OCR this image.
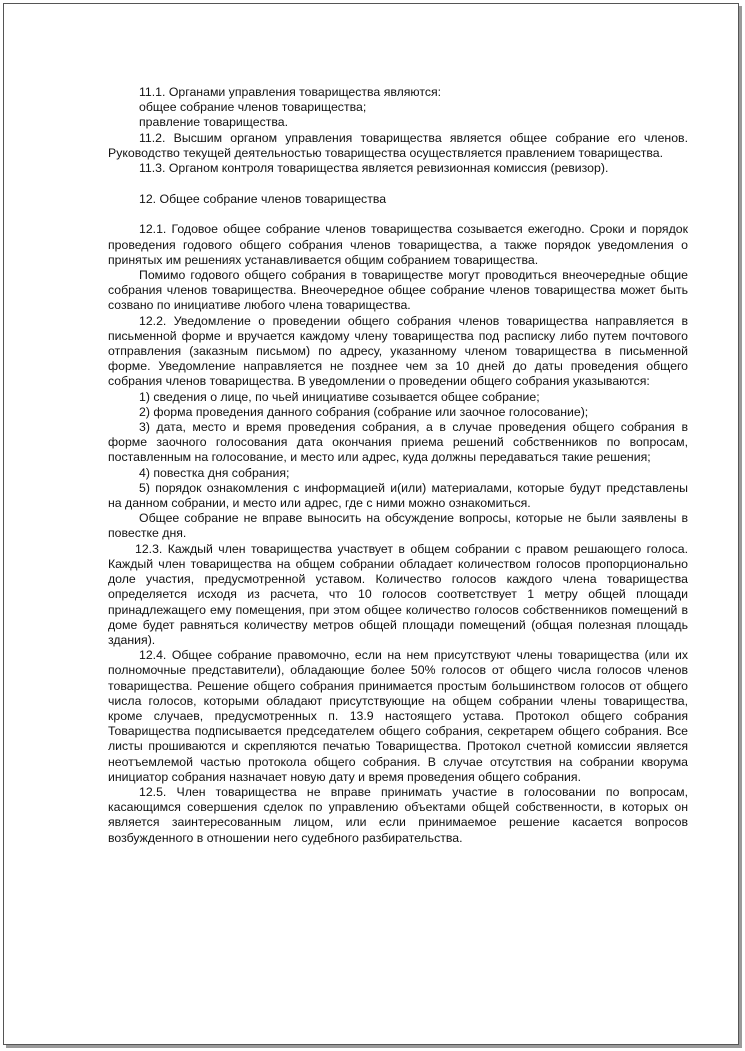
11.1. Органами управления товарищества являются:

общее собрание членов товарищества;

правление товарищества.

11.2. Высшим органом управления товарищества является общее собрание его членов. Руководство текущей деятельностью товарищества осуществляется правлением товарищества.

11.3. Органом контроля товарищества является ревизионная комиссия (ревизор).

12. Общее собрание членов товарищества

12.1. Годовое общее собрание членов товарищества созывается ежегодно. Сроки и порядок проведения годового общего собрания членов товарищества, а также порядок уведомления о принятых им решениях устанавливается общим собранием товарищества.

Помимо годового общего собрания в товариществе могут проводиться внеочередные общие собрания членов товарищества. Внеочередное общее собрание членов товарищества может быть созвано по инициативе любого члена товарищества.

12.2. Уведомление о проведении общего собрания членов товарищества направляется в письменной форме и вручается каждому члену товарищества под расписку либо путем почтового отправления (заказным письмом) по адресу, указанному членом товарищества в письменной форме. Уведомление направляется не позднее чем за 10 дней до даты проведения общего собрания членов товарищества. В уведомлении о проведении общего собрания указываются:

1) сведения о лице, по чьей инициативе созывается общее собрание;

2) форма проведения данного собрания (собрание или заочное голосование);

3) дата, место и время проведения собрания, а в случае проведения общего собрания в форме заочного голосования дата окончания приема решений собственников по вопросам, поставленным на голосование, и место или адрес, куда должны передаваться такие решения;

4) повестка дня собрания;

5) порядок ознакомления с информацией и(или) материалами, которые будут представлены на данном собрании, и место или адрес, где с ними можно ознакомиться.

Общее собрание не вправе выносить на обсуждение вопросы, которые не были заявлены в повестке дня.

12.3. Каждый член товарищества участвует в общем собрании с правом решающего голоса. Каждый член товарищества на общем собрании обладает количеством голосов пропорционально доле участия, предусмотренной уставом. Количество голосов каждого члена товарищества определяется исходя из расчета, что 10 голосов соответствует 1 метру общей площади принадлежащего ему помещения, при этом общее количество голосов собственников помещений в доме будет равняться количеству метров общей площади помещений (общая полезная площадь здания).

12.4. Общее собрание правомочно, если на нем присутствуют члены товарищества (или их полномочные представители), обладающие более 50% голосов от общего числа голосов членов товарищества. Решение общего собрания принимается простым большинством голосов от общего числа голосов, которыми обладают присутствующие на общем собрании члены товарищества, кроме случаев, предусмотренных п. 13.9 настоящего устава. Протокол общего собрания Товарищества подписывается председателем общего собрания, секретарем общего собрания. Все листы прошиваются и скрепляются печатью Товарищества. Протокол счетной комиссии является неотъемлемой частью протокола общего собрания. В случае отсутствия на собрании кворума инициатор собрания назначает новую дату и время проведения общего собрания.

12.5. Член товарищества не вправе принимать участие в голосовании по вопросам, касающимся совершения сделок по управлению объектами общей собственности, в которых он является заинтересованным лицом, или если принимаемое решение касается вопросов возбужденного в отношении него судебного разбирательства.
